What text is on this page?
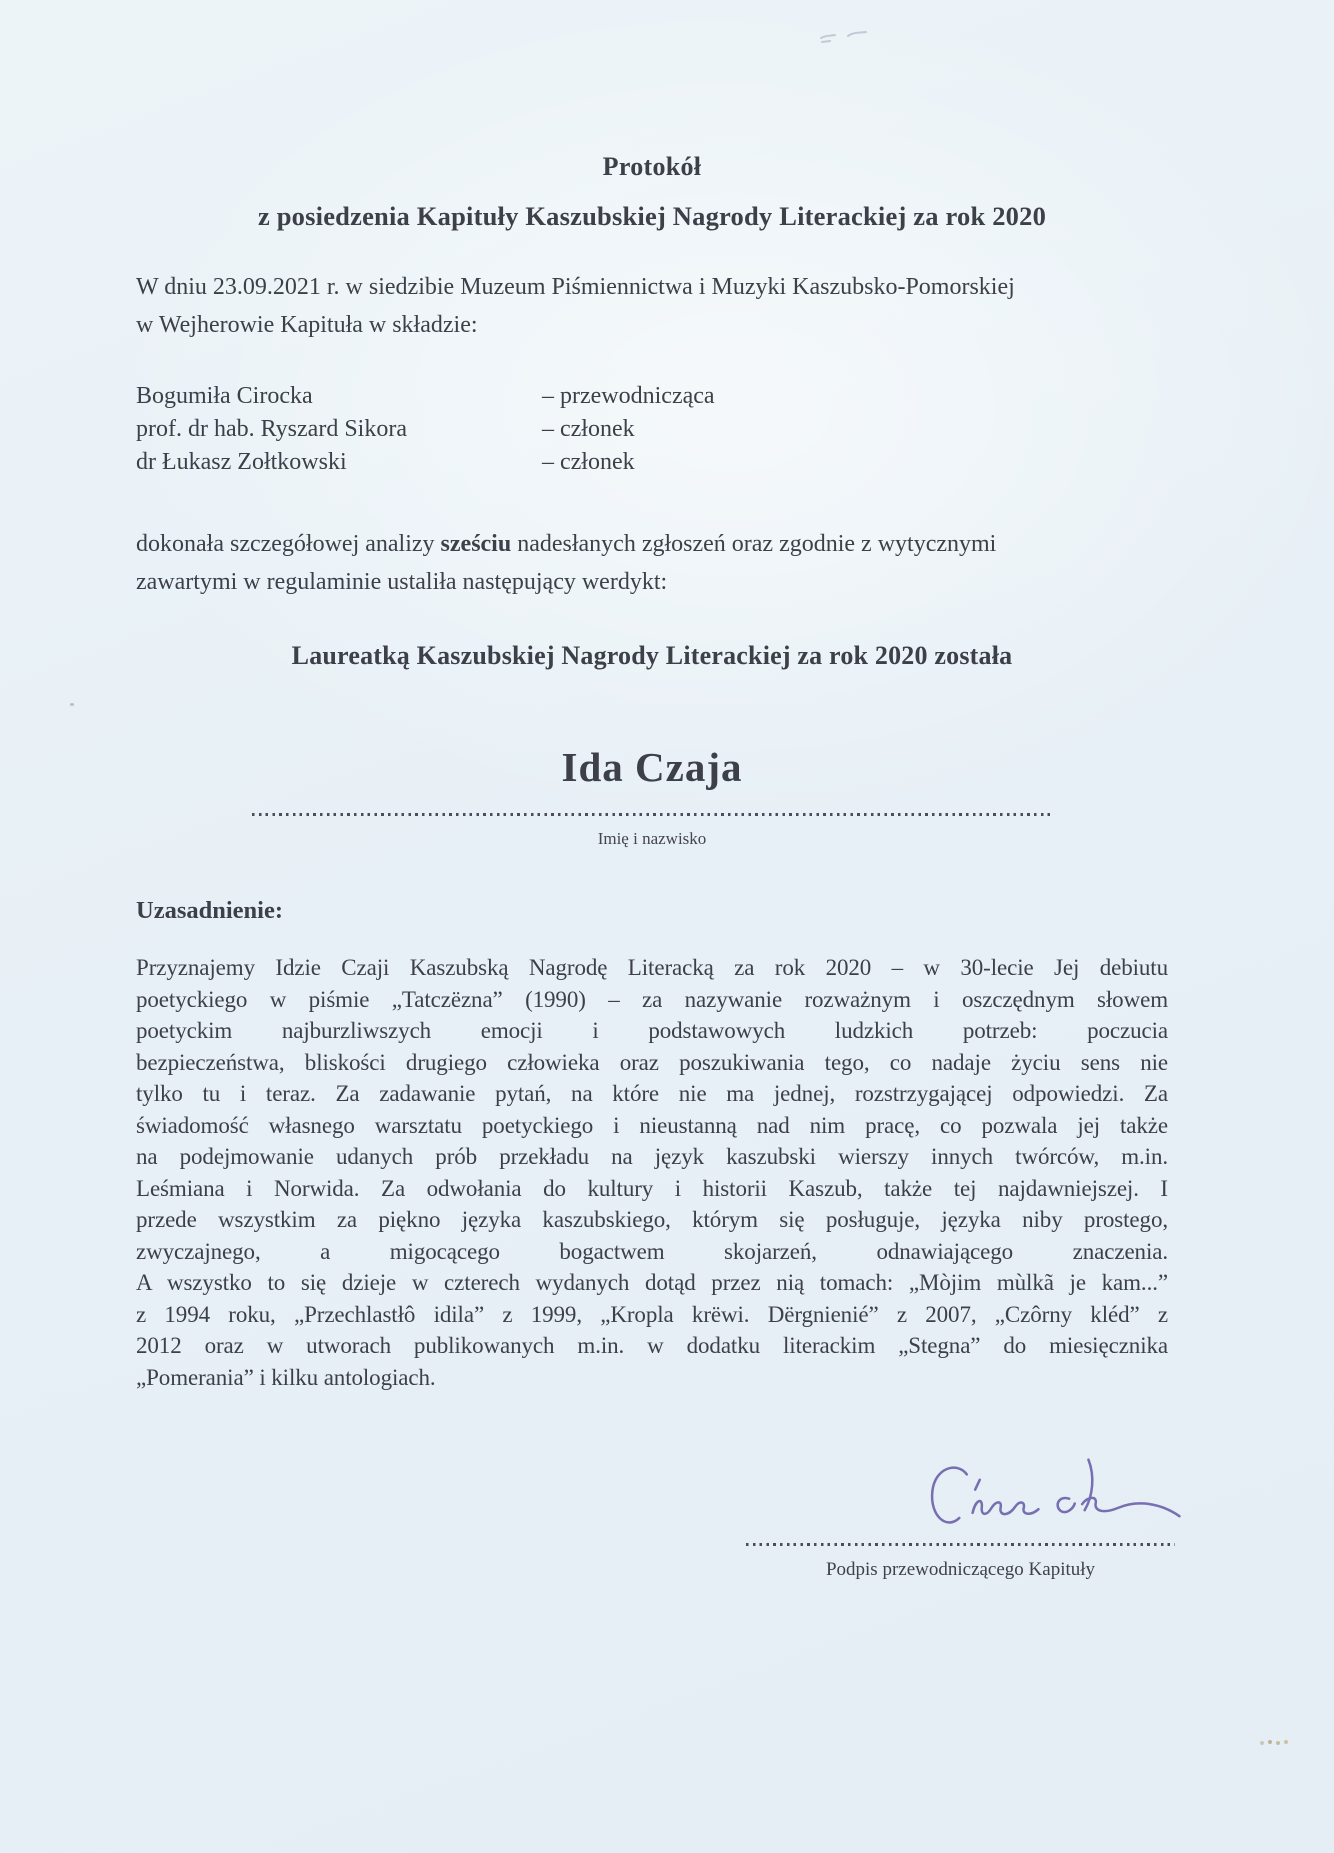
Protokół
z posiedzenia Kapituły Kaszubskiej Nagrody Literackiej za rok 2020

W dniu 23.09.2021 r. w siedzibie Muzeum Piśmiennictwa i Muzyki Kaszubsko-Pomorskiej
w Wejherowie Kapituła w składzie:

Bogumiła Cirocka	– przewodnicząca
prof. dr hab. Ryszard Sikora	– członek
dr Łukasz Zołtkowski	– członek

dokonała szczegółowej analizy sześciu nadesłanych zgłoszeń oraz zgodnie z wytycznymi
zawartymi w regulaminie ustaliła następujący werdykt:

Laureatką Kaszubskiej Nagrody Literackiej za rok 2020 została
Ida Czaja
Imię i nazwisko
Uzasadnienie:
Przyznajemy Idzie Czaji Kaszubską Nagrodę Literacką za rok 2020 – w 30-lecie Jej debiutu
poetyckiego w piśmie „Tatczëzna” (1990) – za nazywanie rozważnym i oszczędnym słowem
poetyckim najburzliwszych emocji i podstawowych ludzkich potrzeb: poczucia
bezpieczeństwa, bliskości drugiego człowieka oraz poszukiwania tego, co nadaje życiu sens nie
tylko tu i teraz. Za zadawanie pytań, na które nie ma jednej, rozstrzygającej odpowiedzi. Za
świadomość własnego warsztatu poetyckiego i nieustanną nad nim pracę, co pozwala jej także
na podejmowanie udanych prób przekładu na język kaszubski wierszy innych twórców, m.in.
Leśmiana i Norwida. Za odwołania do kultury i historii Kaszub, także tej najdawniejszej. I
przede wszystkim za piękno języka kaszubskiego, którym się posługuje, języka niby prostego,
zwyczajnego, a migocącego bogactwem skojarzeń, odnawiającego znaczenia.
A wszystko to się dzieje w czterech wydanych dotąd przez nią tomach: „Mòjim mùlkã je kam...”
z 1994 roku, „Przechlastłô idila” z 1999, „Kropla krëwi. Dërgnienié” z 2007, „Czôrny kléd” z
2012 oraz w utworach publikowanych m.in. w dodatku literackim „Stegna” do miesięcznika
„Pomerania” i kilku antologiach.
Podpis przewodniczącego Kapituły
